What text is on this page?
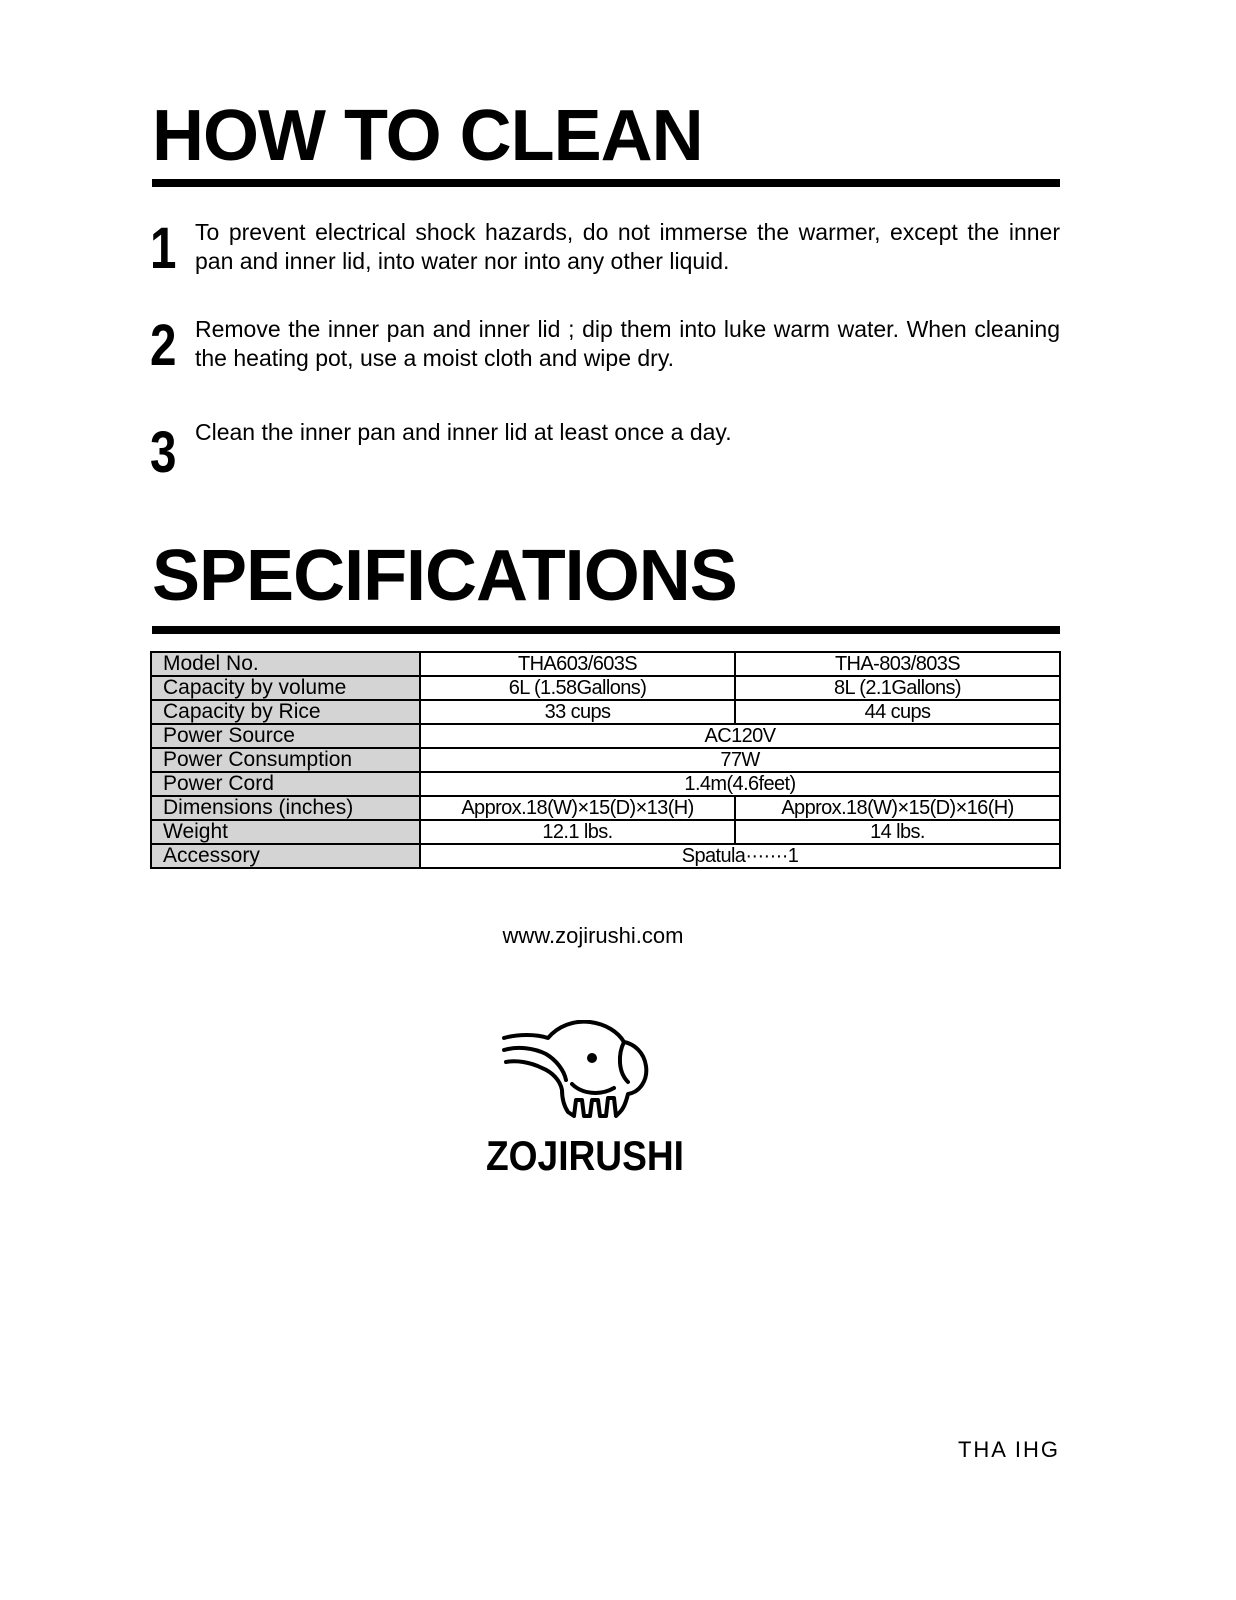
HOW TO CLEAN
1 To prevent electrical shock hazards, do not immerse the warmer, except the inner pan and inner lid, into water nor into any other liquid.
2 Remove the inner pan and inner lid ; dip them into luke warm water. When cleaning the heating pot, use a moist cloth and wipe dry.
3 Clean the inner pan and inner lid at least once a day.
SPECIFICATIONS
Model No.	THA603/603S	THA-803/803S
Capacity by volume	6L (1.58Gallons)	8L (2.1Gallons)
Capacity by Rice	33 cups	44 cups
Power Source	AC120V	
Power Consumption	77W	
Power Cord	1.4m(4.6feet)	
Dimensions (inches)	Approx.18(W)×15(D)×13(H)	Approx.18(W)×15(D)×16(H)
Weight	12.1 lbs.	14 lbs.
Accessory	Spatula·······1	
www.zojirushi.com
ZOJIRUSHI
THA IHG
